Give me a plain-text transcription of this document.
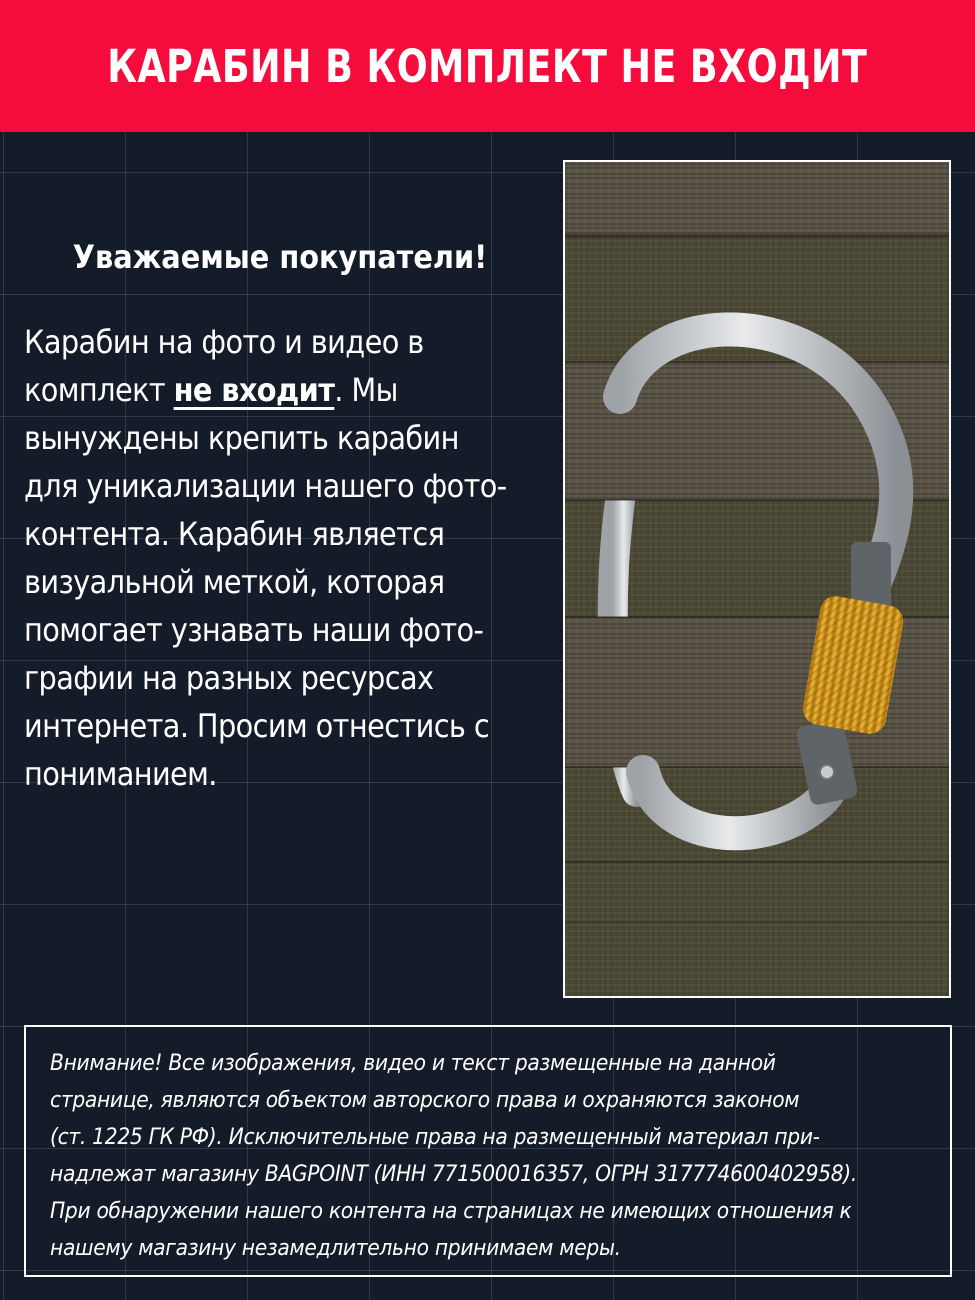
КАРАБИН В КОМПЛЕКТ НЕ ВХОДИТ
Уважаемые покупатели!
Карабин на фото и видео в
комплект не входит. Мы
вынуждены крепить карабин
для уникализации нашего фото-
контента. Карабин является
визуальной меткой, которая
помогает узнавать наши фото-
графии на разных ресурсах
интернета. Просим отнестись с
пониманием.
Внимание! Все изображения, видео и текст размещенные на данной
странице, являются объектом авторского права и охраняются законом
(ст. 1225 ГК РФ). Исключительные права на размещенный материал при-
надлежат магазину BAGPOINT (ИНН 771500016357, ОГРН 317774600402958).
При обнаружении нашего контента на страницах не имеющих отношения к
нашему магазину незамедлительно принимаем меры.
